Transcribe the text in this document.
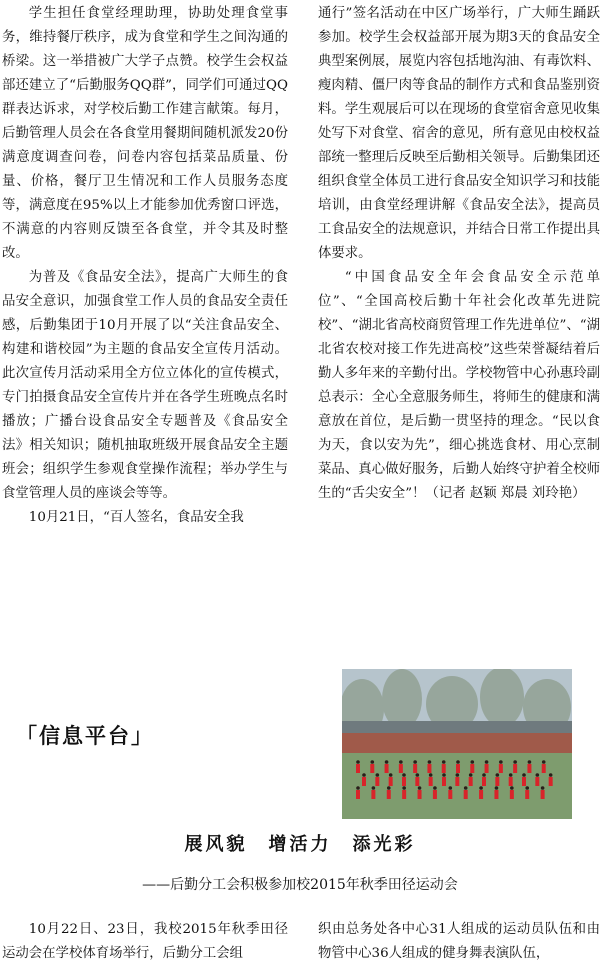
学生担任食堂经理助理，协助处理食堂事务，维持餐厅秩序，成为食堂和学生之间沟通的桥梁。这一举措被广大学子点赞。校学生会权益部还建立了“后勤服务QQ群”，同学们可通过QQ群表达诉求，对学校后勤工作建言献策。每月，后勤管理人员会在各食堂用餐期间随机派发20份满意度调查问卷，问卷内容包括菜品质量、份量、价格，餐厅卫生情况和工作人员服务态度等，满意度在95%以上才能参加优秀窗口评选，不满意的内容则反馈至各食堂，并令其及时整改。

为普及《食品安全法》，提高广大师生的食品安全意识，加强食堂工作人员的食品安全责任感，后勤集团于10月开展了以“关注食品安全、构建和谐校园”为主题的食品安全宣传月活动。此次宣传月活动采用全方位立体化的宣传模式，专门拍摄食品安全宣传片并在各学生班晚点名时播放；广播台设食品安全专题普及《食品安全法》相关知识；随机抽取班级开展食品安全主题班会；组织学生参观食堂操作流程；举办学生与食堂管理人员的座谈会等等。

10月21日，“百人签名，食品安全我

通行”签名活动在中区广场举行，广大师生踊跃参加。校学生会权益部开展为期3天的食品安全典型案例展，展览内容包括地沟油、有毒饮料、瘦肉精、僵尸肉等食品的制作方式和食品鉴别资料。学生观展后可以在现场的食堂宿舍意见收集处写下对食堂、宿舍的意见，所有意见由校权益部统一整理后反映至后勤相关领导。后勤集团还组织食堂全体员工进行食品安全知识学习和技能培训，由食堂经理讲解《食品安全法》，提高员工食品安全的法规意识，并结合日常工作提出具体要求。

“中国食品安全年会食品安全示范单位”、“全国高校后勤十年社会化改革先进院校”、“湖北省高校商贸管理工作先进单位”、“湖北省农校对接工作先进高校”这些荣誉凝结着后勤人多年来的辛勤付出。学校物管中心孙惠玲副总表示：全心全意服务师生，将师生的健康和满意放在首位，是后勤一贯坚持的理念。“民以食为天，食以安为先”，细心挑选食材、用心烹制菜品、真心做好服务，后勤人始终守护着全校师生的“舌尖安全”！（记者 赵颖 郑晨 刘玲艳）

「信息平台」
展风貌　增活力　添光彩
——后勤分工会积极参加校2015年秋季田径运动会

10月22日、23日，我校2015年秋季田径运动会在学校体育场举行，后勤分工会组

织由总务处各中心31人组成的运动员队伍和由物管中心36人组成的健身舞表演队伍，
